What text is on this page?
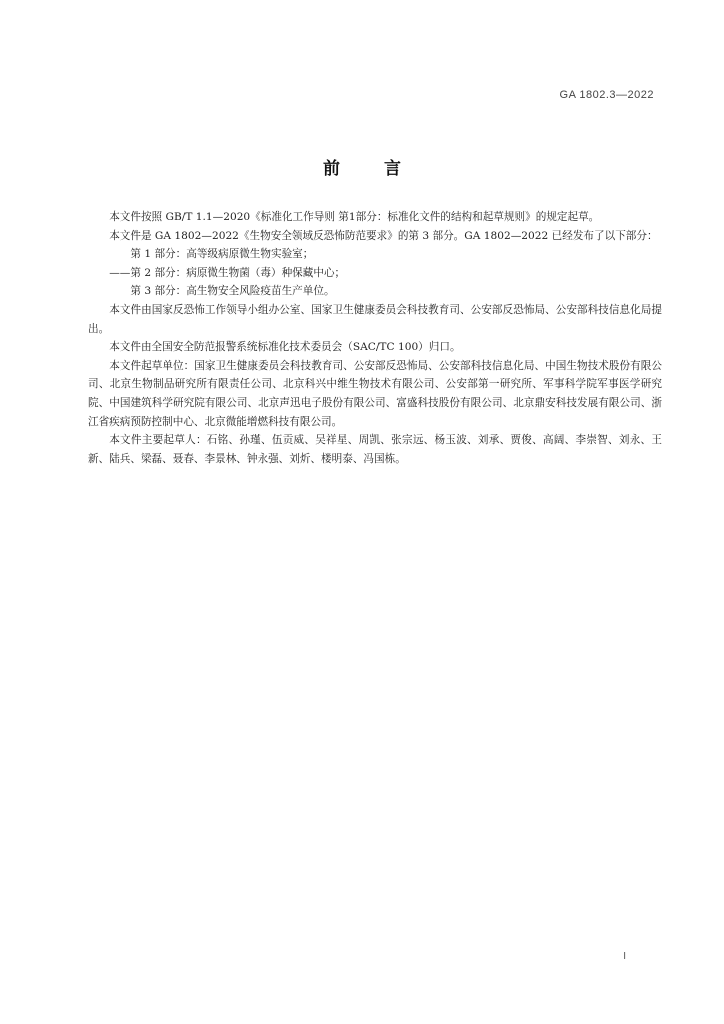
GA 1802.3—2022
前言

本文件按照 GB/T 1.1—2020《标准化工作导则 第1部分：标准化文件的结构和起草规则》的规定起草。

本文件是 GA 1802—2022《生物安全领域反恐怖防范要求》的第 3 部分。GA 1802—2022 已经发布了以下部分：

第 1 部分：高等级病原微生物实验室；

——第 2 部分：病原微生物菌（毒）种保藏中心；

第 3 部分：高生物安全风险疫苗生产单位。

本文件由国家反恐怖工作领导小组办公室、国家卫生健康委员会科技教育司、公安部反恐怖局、公安部科技信息化局提出。

本文件由全国安全防范报警系统标准化技术委员会（SAC/TC 100）归口。

本文件起草单位：国家卫生健康委员会科技教育司、公安部反恐怖局、公安部科技信息化局、中国生物技术股份有限公司、北京生物制品研究所有限责任公司、北京科兴中维生物技术有限公司、公安部第一研究所、军事科学院军事医学研究院、中国建筑科学研究院有限公司、北京声迅电子股份有限公司、富盛科技股份有限公司、北京鼎安科技发展有限公司、浙江省疾病预防控制中心、北京微能增燃科技有限公司。

本文件主要起草人：石铭、孙瑾、伍贡威、吴祥星、周凯、张宗远、杨玉波、刘承、贾俊、高阔、李崇智、刘永、王新、陆兵、梁磊、聂春、李景林、钟永强、刘炘、楼明泰、冯国栋。

I
